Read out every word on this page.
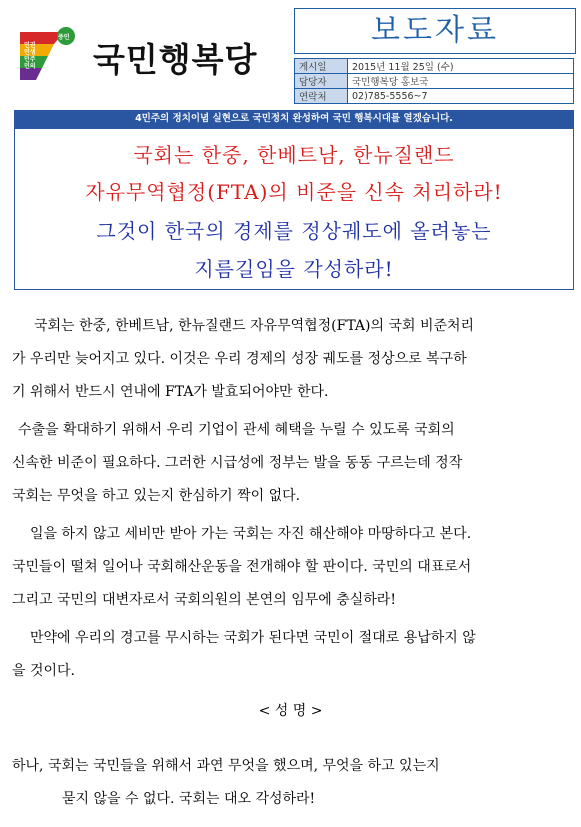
민권
민생
민주
민의
중민
국민행복당
보도자료
게시일	2015년 11월 25일 (수)
담당자	국민행복당 홍보국
연락처	02)785-5556~7
4민주의 정치이념 실현으로 국민정치 완성하여 국민 행복시대를 열겠습니다.
국회는 한중, 한베트남, 한뉴질랜드
자유무역협정(FTA)의 비준을 신속 처리하라!
그것이 한국의 경제를 정상궤도에 올려놓는
지름길임을 각성하라!
국회는 한중, 한베트남, 한뉴질랜드 자유무역협정(FTA)의 국회 비준처리
가 우리만 늦어지고 있다. 이것은 우리 경제의 성장 궤도를 정상으로 복구하
기 위해서 반드시 연내에 FTA가 발효되어야만 한다.
수출을 확대하기 위해서 우리 기업이 관세 혜택을 누릴 수 있도록 국회의
신속한 비준이 필요하다. 그러한 시급성에 정부는 발을 동동 구르는데 정작
국회는 무엇을 하고 있는지 한심하기 짝이 없다.
일을 하지 않고 세비만 받아 가는 국회는 자진 해산해야 마땅하다고 본다.
국민들이 떨쳐 일어나 국회해산운동을 전개해야 할 판이다. 국민의 대표로서
그리고 국민의 대변자로서 국회의원의 본연의 임무에 충실하라!
만약에 우리의 경고를 무시하는 국회가 된다면 국민이 절대로 용납하지 않
을 것이다.
< 성 명 >
하나, 국회는 국민들을 위해서 과연 무엇을 했으며, 무엇을 하고 있는지
묻지 않을 수 없다. 국회는 대오 각성하라!
